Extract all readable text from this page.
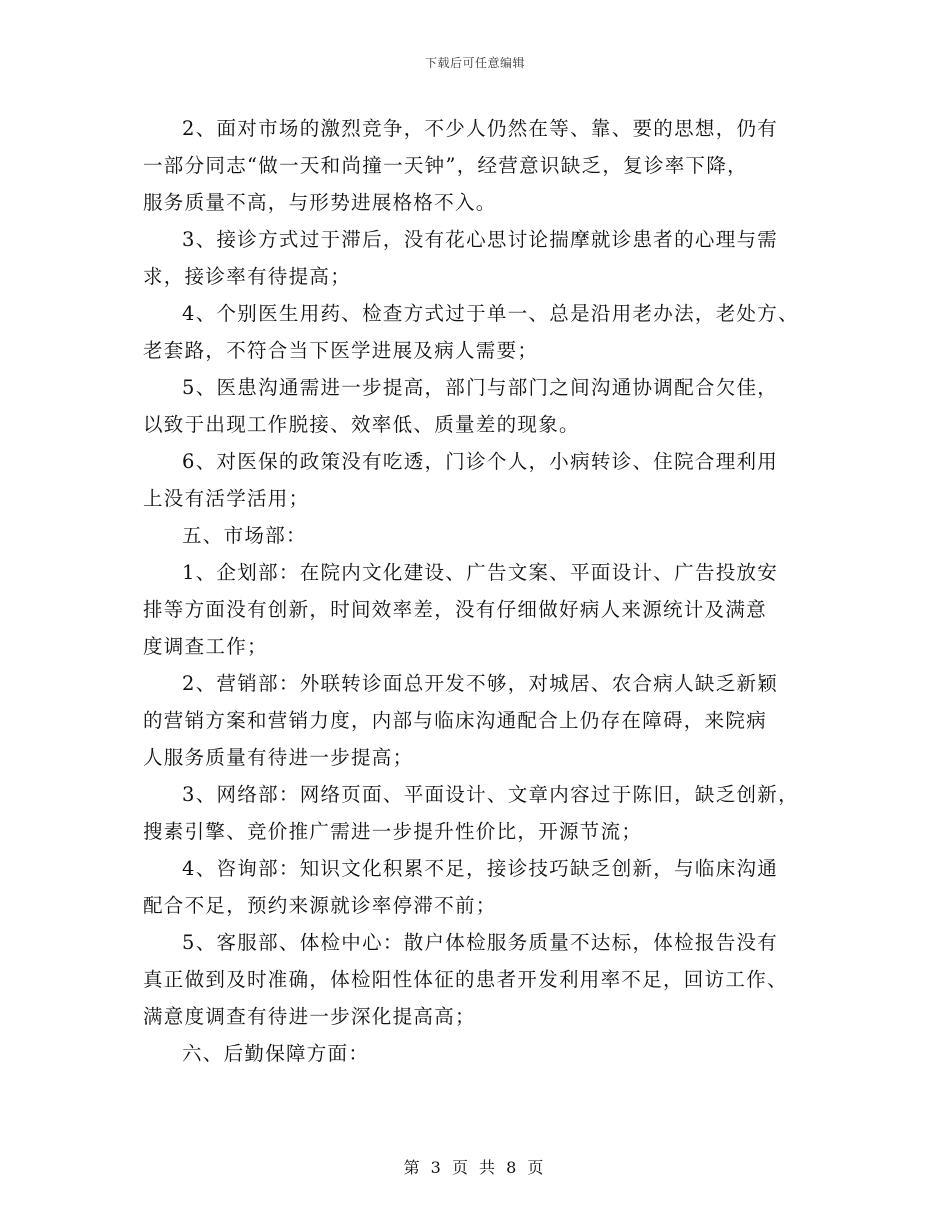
下载后可任意编辑

2、面对市场的激烈竞争，不少人仍然在等、靠、要的思想，仍有
一部分同志“做一天和尚撞一天钟”，经营意识缺乏，复诊率下降，
服务质量不高，与形势进展格格不入。

3、接诊方式过于滞后，没有花心思讨论揣摩就诊患者的心理与需
求，接诊率有待提高；

4、个别医生用药、检查方式过于单一、总是沿用老办法，老处方、
老套路，不符合当下医学进展及病人需要；

5、医患沟通需进一步提高，部门与部门之间沟通协调配合欠佳，
以致于出现工作脱接、效率低、质量差的现象。

6、对医保的政策没有吃透，门诊个人，小病转诊、住院合理利用
上没有活学活用；

五、市场部：

1、企划部：在院内文化建设、广告文案、平面设计、广告投放安
排等方面没有创新，时间效率差，没有仔细做好病人来源统计及满意
度调查工作；

2、营销部：外联转诊面总开发不够，对城居、农合病人缺乏新颖
的营销方案和营销力度，内部与临床沟通配合上仍存在障碍，来院病
人服务质量有待进一步提高；

3、网络部：网络页面、平面设计、文章内容过于陈旧，缺乏创新，
搜素引擎、竞价推广需进一步提升性价比，开源节流；

4、咨询部：知识文化积累不足，接诊技巧缺乏创新，与临床沟通
配合不足，预约来源就诊率停滞不前；

5、客服部、体检中心：散户体检服务质量不达标，体检报告没有
真正做到及时准确，体检阳性体征的患者开发利用率不足，回访工作、
满意度调查有待进一步深化提高高；

六、后勤保障方面：

第 3 页 共 8 页
